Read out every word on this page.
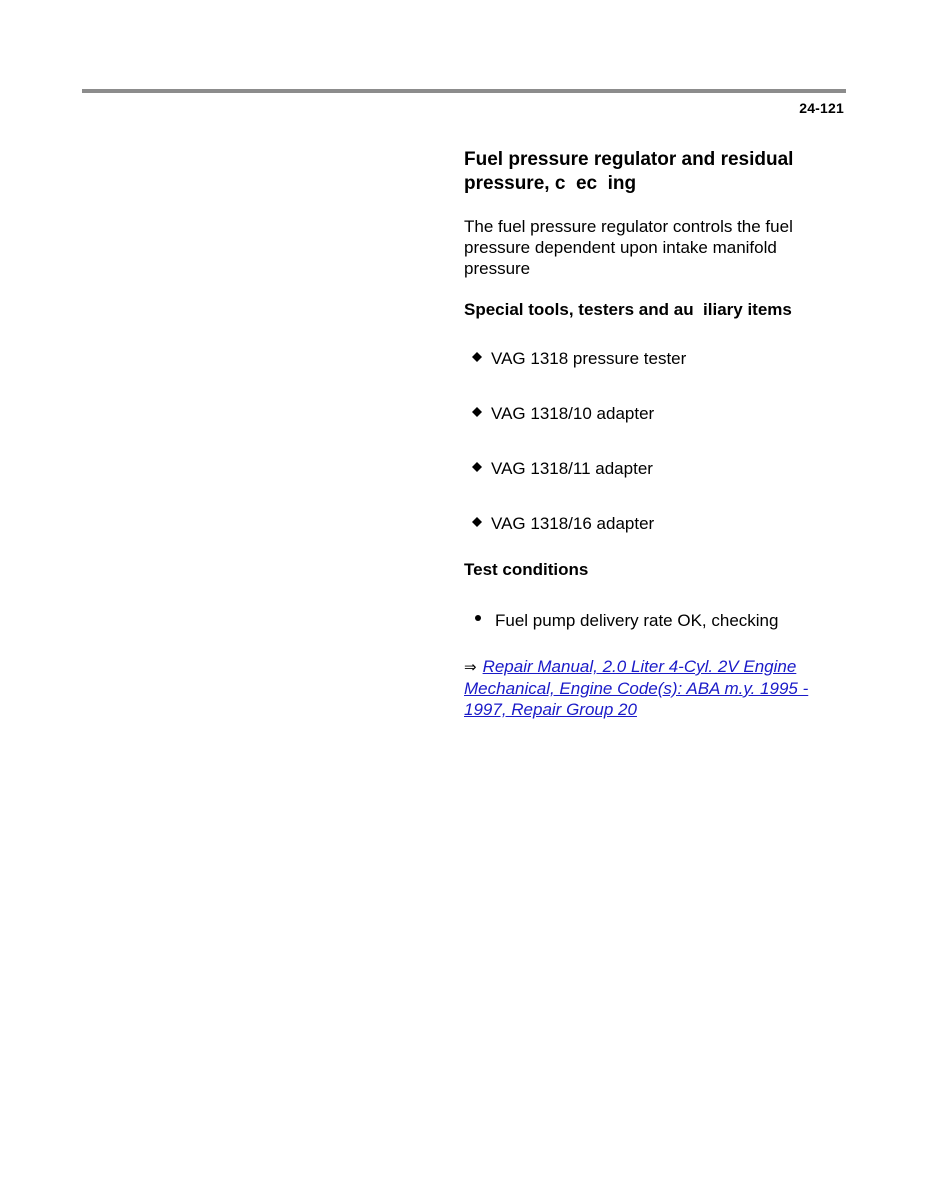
24-121
Fuel pressure regulator and residual
pressure, c  ec  ing
The fuel pressure regulator controls the fuel pressure dependent upon intake manifold pressure
Special tools, testers and au  iliary items
VAG 1318 pressure tester
VAG 1318/10 adapter
VAG 1318/11 adapter
VAG 1318/16 adapter
Test conditions
Fuel pump delivery rate OK, checking
⇒ Repair Manual, 2.0 Liter 4-Cyl. 2V Engine Mechanical, Engine Code(s): ABA m.y. 1995 - 1997, Repair Group 20
